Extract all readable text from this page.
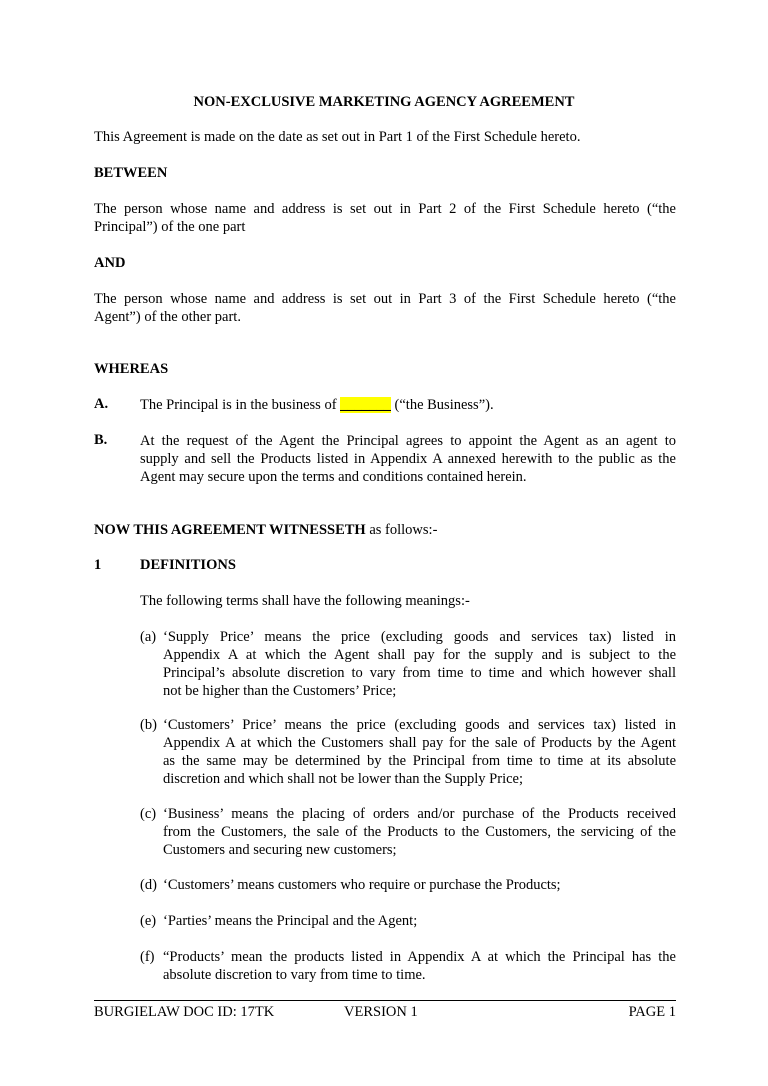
NON-EXCLUSIVE MARKETING AGENCY AGREEMENT
This Agreement is made on the date as set out in Part 1 of the First Schedule hereto.
BETWEEN
The person whose name and address is set out in Part 2 of the First Schedule hereto (“the
Principal”) of the one part
AND
The person whose name and address is set out in Part 3 of the First Schedule hereto (“the
Agent”) of the other part.
WHEREAS
A. The Principal is in the business of _______ (“the Business”).
B. At the request of the Agent the Principal agrees to appoint the Agent as an agent to
supply and sell the Products listed in Appendix A annexed herewith to the public as the
Agent may secure upon the terms and conditions contained herein.
NOW THIS AGREEMENT WITNESSETH as follows:-
1	DEFINITIONS
The following terms shall have the following meanings:-
(a) ‘Supply Price’ means the price (excluding goods and services tax) listed in
Appendix A at which the Agent shall pay for the supply and is subject to the
Principal’s absolute discretion to vary from time to time and which however shall
not be higher than the Customers’ Price;
(b) ‘Customers’ Price’ means the price (excluding goods and services tax) listed in
Appendix A at which the Customers shall pay for the sale of Products by the Agent
as the same may be determined by the Principal from time to time at its absolute
discretion and which shall not be lower than the Supply Price;
(c) ‘Business’ means the placing of orders and/or purchase of the Products received
from the Customers, the sale of the Products to the Customers, the servicing of the
Customers and securing new customers;
(d) ‘Customers’ means customers who require or purchase the Products;
(e) ‘Parties’ means the Principal and the Agent;
(f) “Products’ mean the products listed in Appendix A at which the Principal has the
absolute discretion to vary from time to time.
BURGIELAW DOC ID: 17TK	VERSION 1	PAGE 1
